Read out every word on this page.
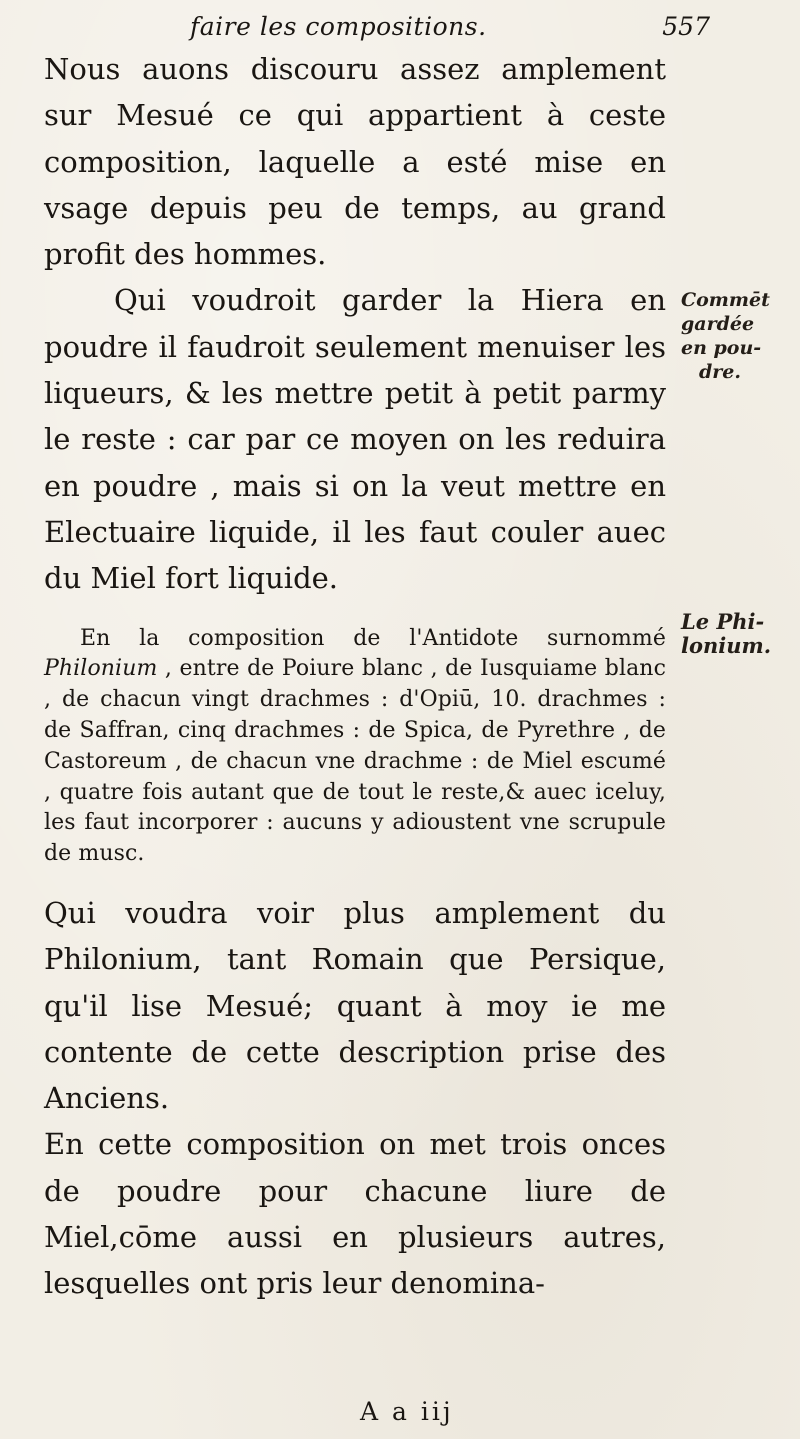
faire les compositions.	557

Nous auons discouru assez amplement sur Mesué ce qui appartient à ceste composition, laquelle a esté mise en vsage depuis peu de temps, au grand profit des hommes.

Qui voudroit garder la Hiera en poudre il faudroit seulement menuiser les liqueurs, & les mettre petit à petit parmy le reste : car par ce moyen on les reduira en poudre , mais si on la veut mettre en Electuaire liquide, il les faut couler auec du Miel fort liquide.

En la composition de l'Antidote surnommé Philonium , entre de Poiure blanc , de Iusquiame blanc , de chacun vingt drachmes : d'Opiū, 10. drachmes : de Saffran, cinq drachmes : de Spica, de Pyrethre , de Castoreum , de chacun vne drachme : de Miel escumé , quatre fois autant que de tout le reste,& auec iceluy, les faut incorporer : aucuns y adioustent vne scrupule de musc.

Qui voudra voir plus amplement du Philonium, tant Romain que Persique, qu'il lise Mesué; quant à moy ie me contente de cette description prise des Anciens.

En cette composition on met trois onces de poudre pour chacune liure de Miel,cōme aussi en plusieurs autres, lesquelles ont pris leur denomina-

Commēt
gardée
en pou-
dre.
Le Phi-
lonium.
A a iij
